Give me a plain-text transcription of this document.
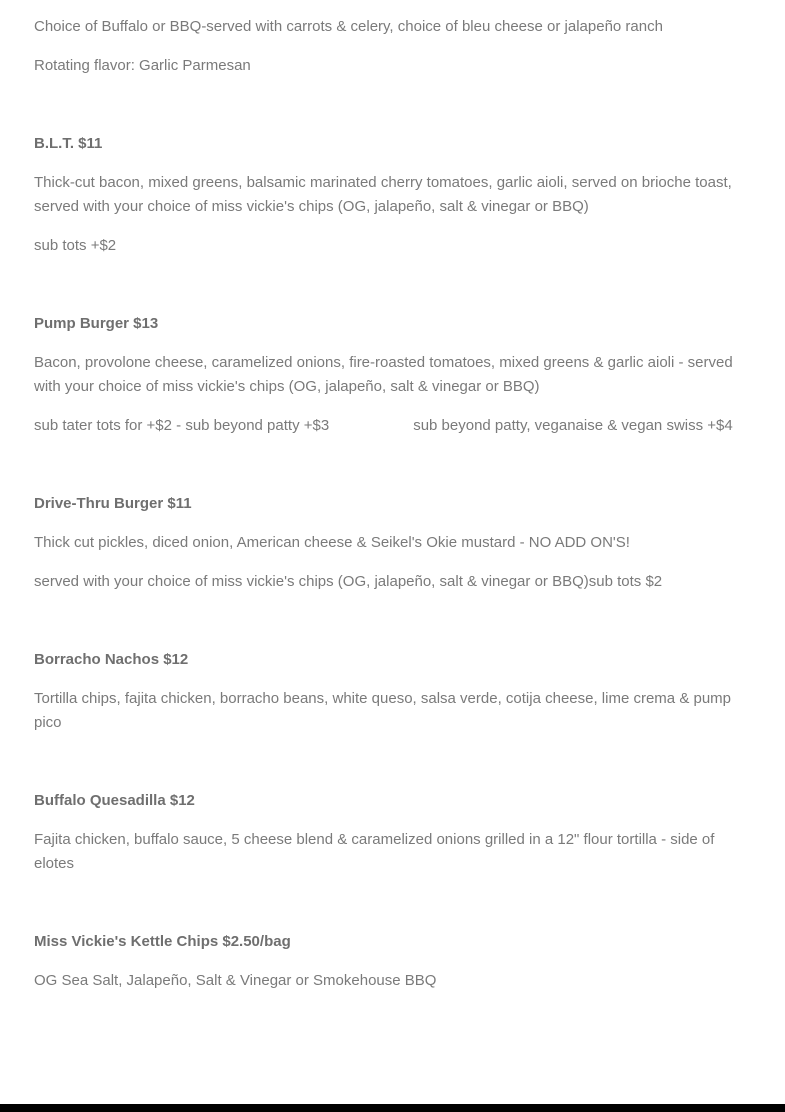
Choice of Buffalo or BBQ-served with carrots & celery, choice of bleu cheese or jalapeño ranch

Rotating flavor: Garlic Parmesan

B.L.T. $11

Thick-cut bacon, mixed greens, balsamic marinated cherry tomatoes, garlic aioli, served on brioche toast, served with your choice of miss vickie's chips (OG, jalapeño, salt & vinegar or BBQ)

sub tots +$2

Pump Burger $13

Bacon, provolone cheese, caramelized onions, fire-roasted tomatoes, mixed greens & garlic aioli - served with your choice of miss vickie's chips (OG, jalapeño, salt & vinegar or BBQ)

sub tater tots for +$2 - sub beyond patty +$3	sub beyond patty, veganaise & vegan swiss +$4

Drive-Thru Burger $11

Thick cut pickles, diced onion, American cheese & Seikel's Okie mustard - NO ADD ON'S!

served with your choice of miss vickie's chips (OG, jalapeño, salt & vinegar or BBQ)sub tots $2

Borracho Nachos $12

Tortilla chips, fajita chicken, borracho beans, white queso, salsa verde, cotija cheese, lime crema & pump pico

Buffalo Quesadilla $12

Fajita chicken, buffalo sauce, 5 cheese blend & caramelized onions grilled in a 12" flour tortilla - side of elotes

Miss Vickie's Kettle Chips $2.50/bag

OG Sea Salt, Jalapeño, Salt & Vinegar or Smokehouse BBQ
